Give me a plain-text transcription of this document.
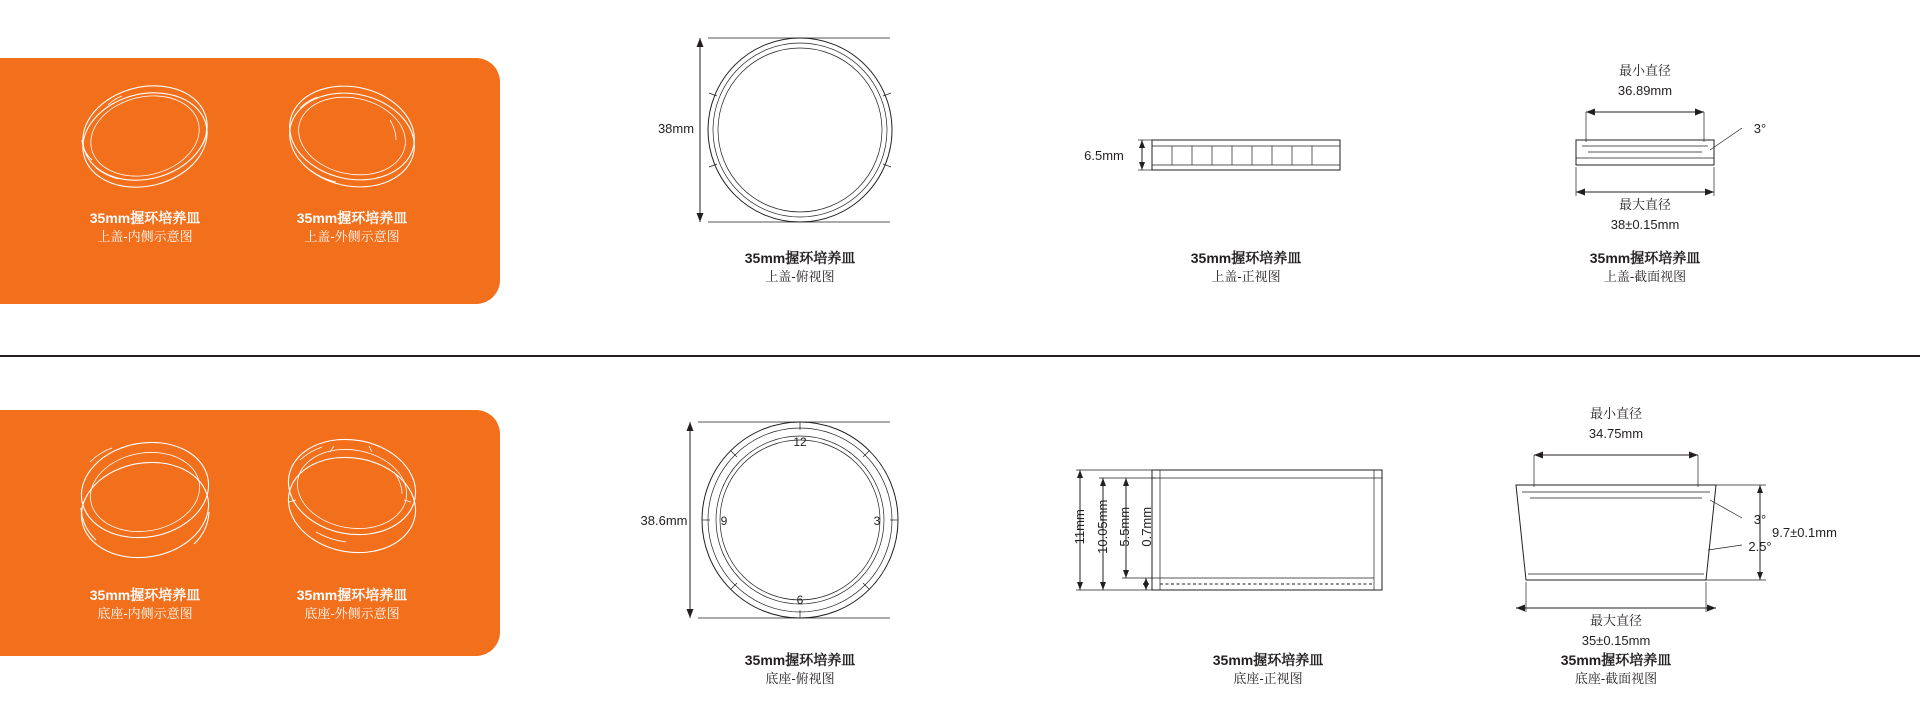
12
9	3
6
38mm
6.5mm
最小直径
36.89mm
最大直径
38±0.15mm
3°
38.6mm	11mm 10.05mm 5.5mm 0.7mm
最小直径
34.75mm
最大直径
35±0.15mm
3°
2.5°
9.7±0.1mm
35mm握环培养皿
上盖-内侧示意图
35mm握环培养皿
上盖-外侧示意图
35mm握环培养皿
上盖-俯视图
35mm握环培养皿
上盖-正视图
35mm握环培养皿
上盖-截面视图
35mm握环培养皿
底座-内侧示意图
35mm握环培养皿
底座-外侧示意图
35mm握环培养皿
底座-俯视图
35mm握环培养皿
底座-正视图
35mm握环培养皿
底座-截面视图
